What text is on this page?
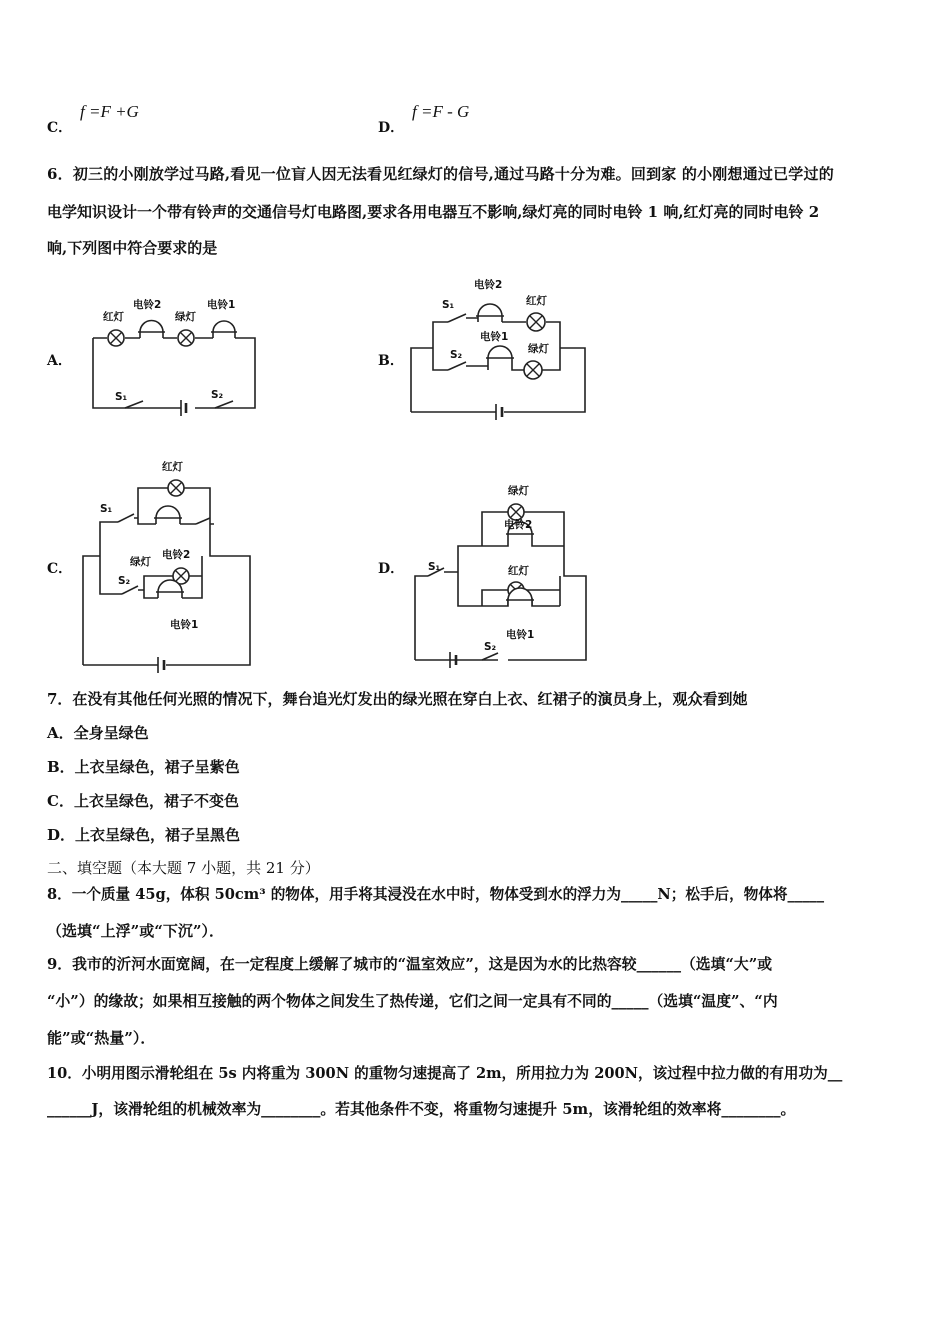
C．
f =F +G
D．
f =F - G
6．初三的小刚放学过马路,看见一位盲人因无法看见红绿灯的信号,通过马路十分为难。回到家 的小刚想通过已学过的
电学知识设计一个带有铃声的交通信号灯电路图,要求各用电器互不影响,绿灯亮的同时电铃 1 响,红灯亮的同时电铃 2
响,下列图中符合要求的是
A．	B．
C．	D．
红灯
电铃2
绿灯
电铃1
S₁	S₂
S₁
电铃2
红灯
S₂
电铃1
绿灯
S₁
红灯
绿灯
电铃2
S₂
电铃1
S₁
绿灯
电铃2
红灯
电铃1
S₂
7．在没有其他任何光照的情况下，舞台追光灯发出的绿光照在穿白上衣、红裙子的演员身上，观众看到她
A．全身呈绿色
B．上衣呈绿色，裙子呈紫色
C．上衣呈绿色，裙子不变色
D．上衣呈绿色，裙子呈黑色
二、填空题（本大题 7 小题，共 21 分）
8．一个质量 45g，体积 50cm³ 的物体，用手将其浸没在水中时，物体受到水的浮力为_____N；松手后，物体将_____
（选填“上浮”或“下沉”）．
9．我市的沂河水面宽阔，在一定程度上缓解了城市的“温室效应”，这是因为水的比热容较______（选填“大”或
“小”）的缘故；如果相互接触的两个物体之间发生了热传递，它们之间一定具有不同的_____（选填“温度”、“内
能”或“热量”）．
10．小明用图示滑轮组在 5s 内将重为 300N 的重物匀速提高了 2m，所用拉力为 200N，该过程中拉力做的有用功为__
______J，该滑轮组的机械效率为________。若其他条件不变，将重物匀速提升 5m，该滑轮组的效率将________。
